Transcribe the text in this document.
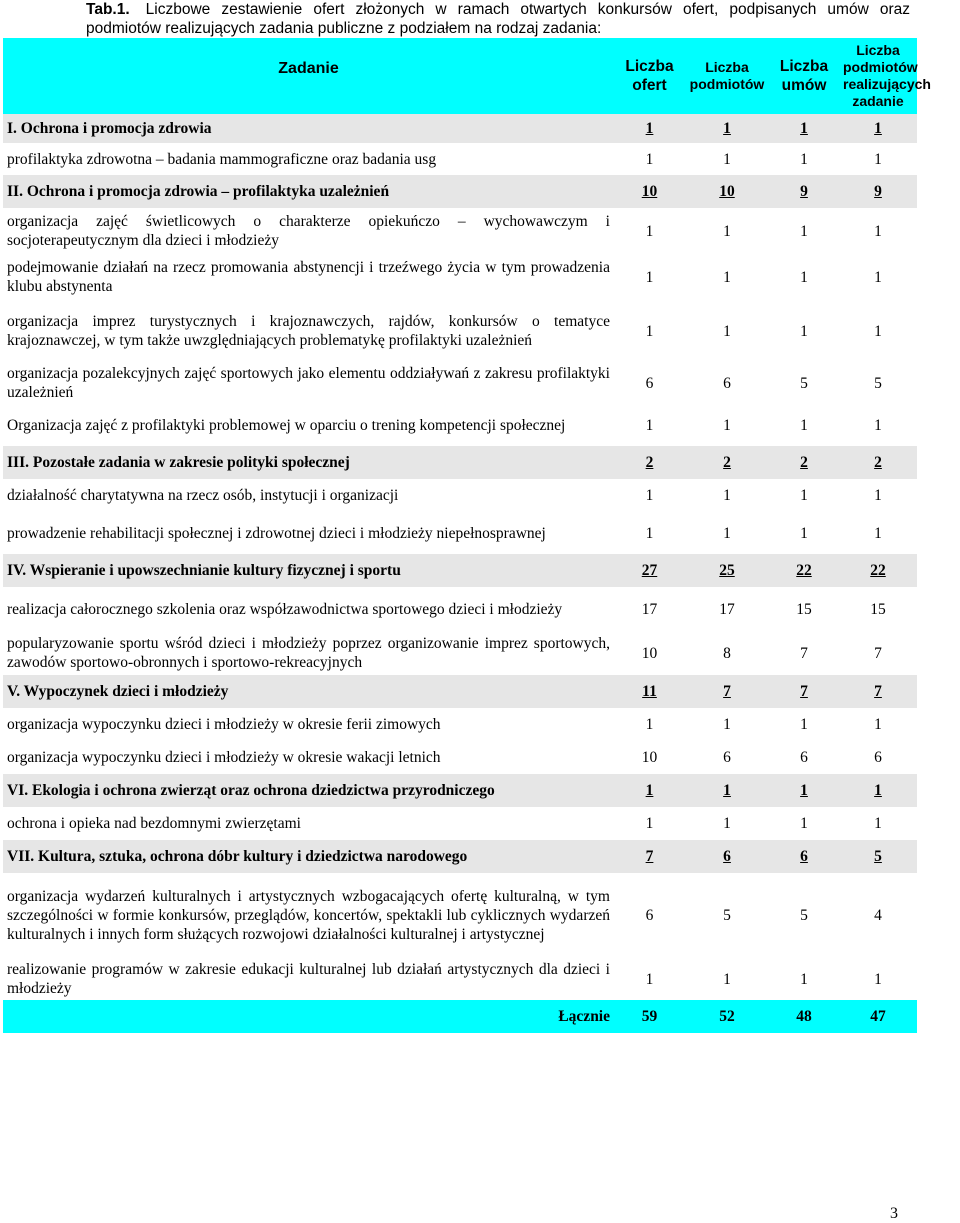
Tab.1. Liczbowe zestawienie ofert złożonych w ramach otwartych konkursów ofert, podpisanych umów oraz podmiotów realizujących zadania publiczne z podziałem na rodzaj zadania:
Zadanie	Liczba ofert	Liczba podmiotów	Liczba umów	Liczba podmiotów realizujących zadanie
I. Ochrona i promocja zdrowia	1	1	1	1
profilaktyka zdrowotna – badania mammograficzne oraz badania usg	1	1	1	1
II. Ochrona i promocja zdrowia – profilaktyka uzależnień	10	10	9	9
organizacja zajęć świetlicowych o charakterze opiekuńczo – wychowawczym i socjoterapeutycznym dla dzieci i młodzieży	1	1	1	1
podejmowanie działań na rzecz promowania abstynencji i trzeźwego życia w tym prowadzenia klubu abstynenta	1	1	1	1
organizacja imprez turystycznych i krajoznawczych, rajdów, konkursów o tematyce krajoznawczej, w tym także uwzględniających problematykę profilaktyki uzależnień	1	1	1	1
organizacja pozalekcyjnych zajęć sportowych jako elementu oddziaływań z zakresu profilaktyki uzależnień	6	6	5	5
Organizacja zajęć z profilaktyki problemowej w oparciu o trening kompetencji społecznej	1	1	1	1
III. Pozostałe zadania w zakresie polityki społecznej	2	2	2	2
działalność charytatywna na rzecz osób, instytucji i organizacji	1	1	1	1
prowadzenie rehabilitacji społecznej i zdrowotnej dzieci i młodzieży niepełnosprawnej	1	1	1	1
IV. Wspieranie i upowszechnianie kultury fizycznej i sportu	27	25	22	22
realizacja całorocznego szkolenia oraz współzawodnictwa sportowego dzieci i młodzieży	17	17	15	15
popularyzowanie sportu wśród dzieci i młodzieży poprzez organizowanie imprez sportowych, zawodów sportowo-obronnych i sportowo-rekreacyjnych	10	8	7	7
V. Wypoczynek dzieci i młodzieży	11	7	7	7
organizacja wypoczynku dzieci i młodzieży w okresie ferii zimowych	1	1	1	1
organizacja wypoczynku dzieci i młodzieży w okresie wakacji letnich	10	6	6	6
VI. Ekologia i ochrona zwierząt oraz ochrona dziedzictwa przyrodniczego	1	1	1	1
ochrona i opieka nad bezdomnymi zwierzętami	1	1	1	1
VII. Kultura, sztuka, ochrona dóbr kultury i dziedzictwa narodowego	7	6	6	5
organizacja wydarzeń kulturalnych i artystycznych wzbogacających ofertę kulturalną, w tym szczególności w formie konkursów, przeglądów, koncertów, spektakli lub cyklicznych wydarzeń kulturalnych i innych form służących rozwojowi działalności kulturalnej i artystycznej	6	5	5	4
realizowanie programów w zakresie edukacji kulturalnej lub działań artystycznych dla dzieci i młodzieży	1	1	1	1
Łącznie	59	52	48	47
3
